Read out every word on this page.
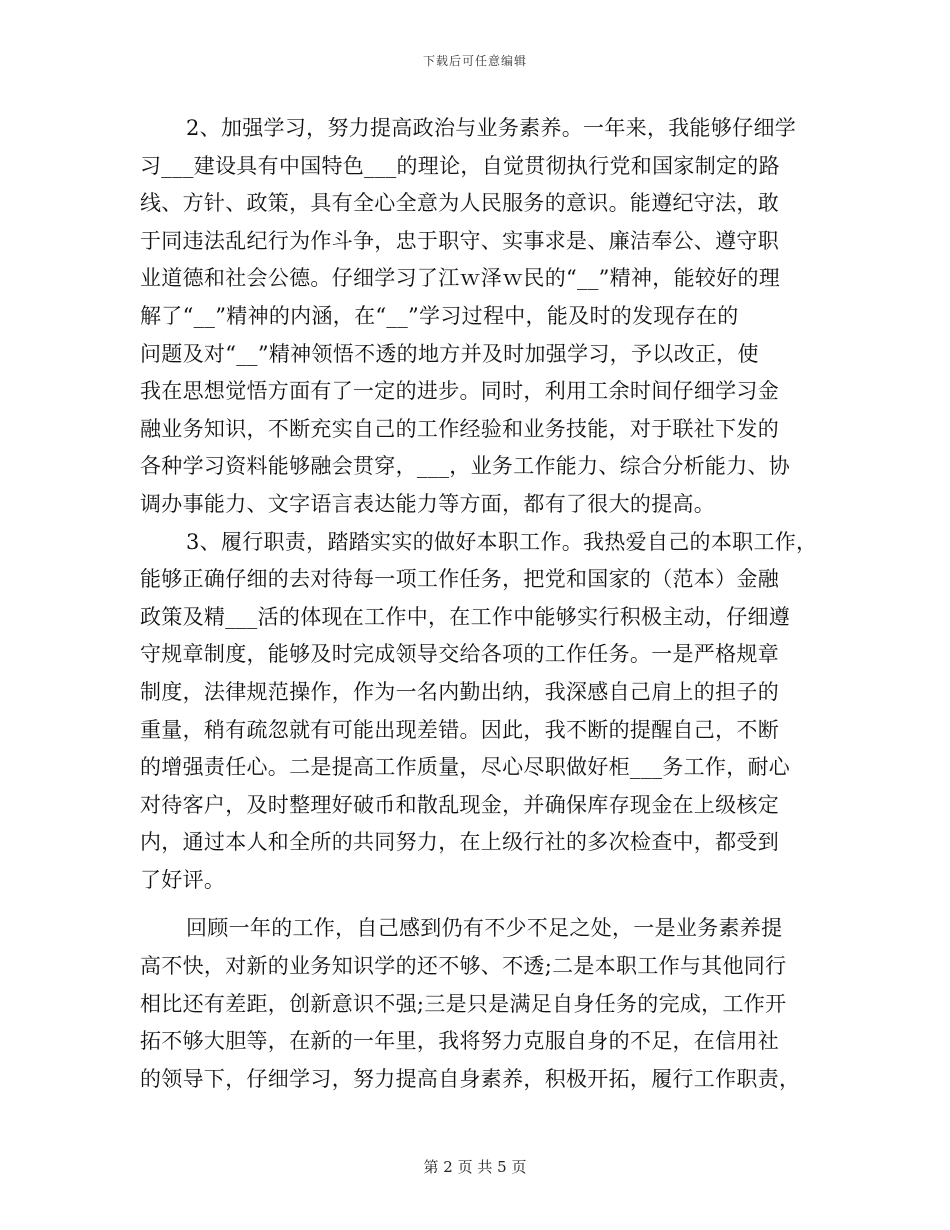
下载后可任意编辑
2、加强学习，努力提高政治与业务素养。一年来，我能够仔细学
习___建设具有中国特色___的理论，自觉贯彻执行党和国家制定的路
线、方针、政策，具有全心全意为人民服务的意识。能遵纪守法，敢
于同违法乱纪行为作斗争，忠于职守、实事求是、廉洁奉公、遵守职
业道德和社会公德。仔细学习了江ｗ泽ｗ民的“__”精神，能较好的理
解了“__”精神的内涵，在“__”学习过程中，能及时的发现存在的
问题及对“__”精神领悟不透的地方并及时加强学习，予以改正，使
我在思想觉悟方面有了一定的进步。同时，利用工余时间仔细学习金
融业务知识，不断充实自己的工作经验和业务技能，对于联社下发的
各种学习资料能够融会贯穿，___，业务工作能力、综合分析能力、协
调办事能力、文字语言表达能力等方面，都有了很大的提高。
3、履行职责，踏踏实实的做好本职工作。我热爱自己的本职工作，
能够正确仔细的去对待每一项工作任务，把党和国家的（范本）金融
政策及精___活的体现在工作中，在工作中能够实行积极主动，仔细遵
守规章制度，能够及时完成领导交给各项的工作任务。一是严格规章
制度，法律规范操作，作为一名内勤出纳，我深感自己肩上的担子的
重量，稍有疏忽就有可能出现差错。因此，我不断的提醒自己，不断
的增强责任心。二是提高工作质量，尽心尽职做好柜___务工作，耐心
对待客户，及时整理好破币和散乱现金，并确保库存现金在上级核定
内，通过本人和全所的共同努力，在上级行社的多次检查中，都受到
了好评。
回顾一年的工作，自己感到仍有不少不足之处，一是业务素养提
高不快，对新的业务知识学的还不够、不透;二是本职工作与其他同行
相比还有差距，创新意识不强;三是只是满足自身任务的完成，工作开
拓不够大胆等，在新的一年里，我将努力克服自身的不足，在信用社
的领导下，仔细学习，努力提高自身素养，积极开拓，履行工作职责，
第 2 页 共 5 页
